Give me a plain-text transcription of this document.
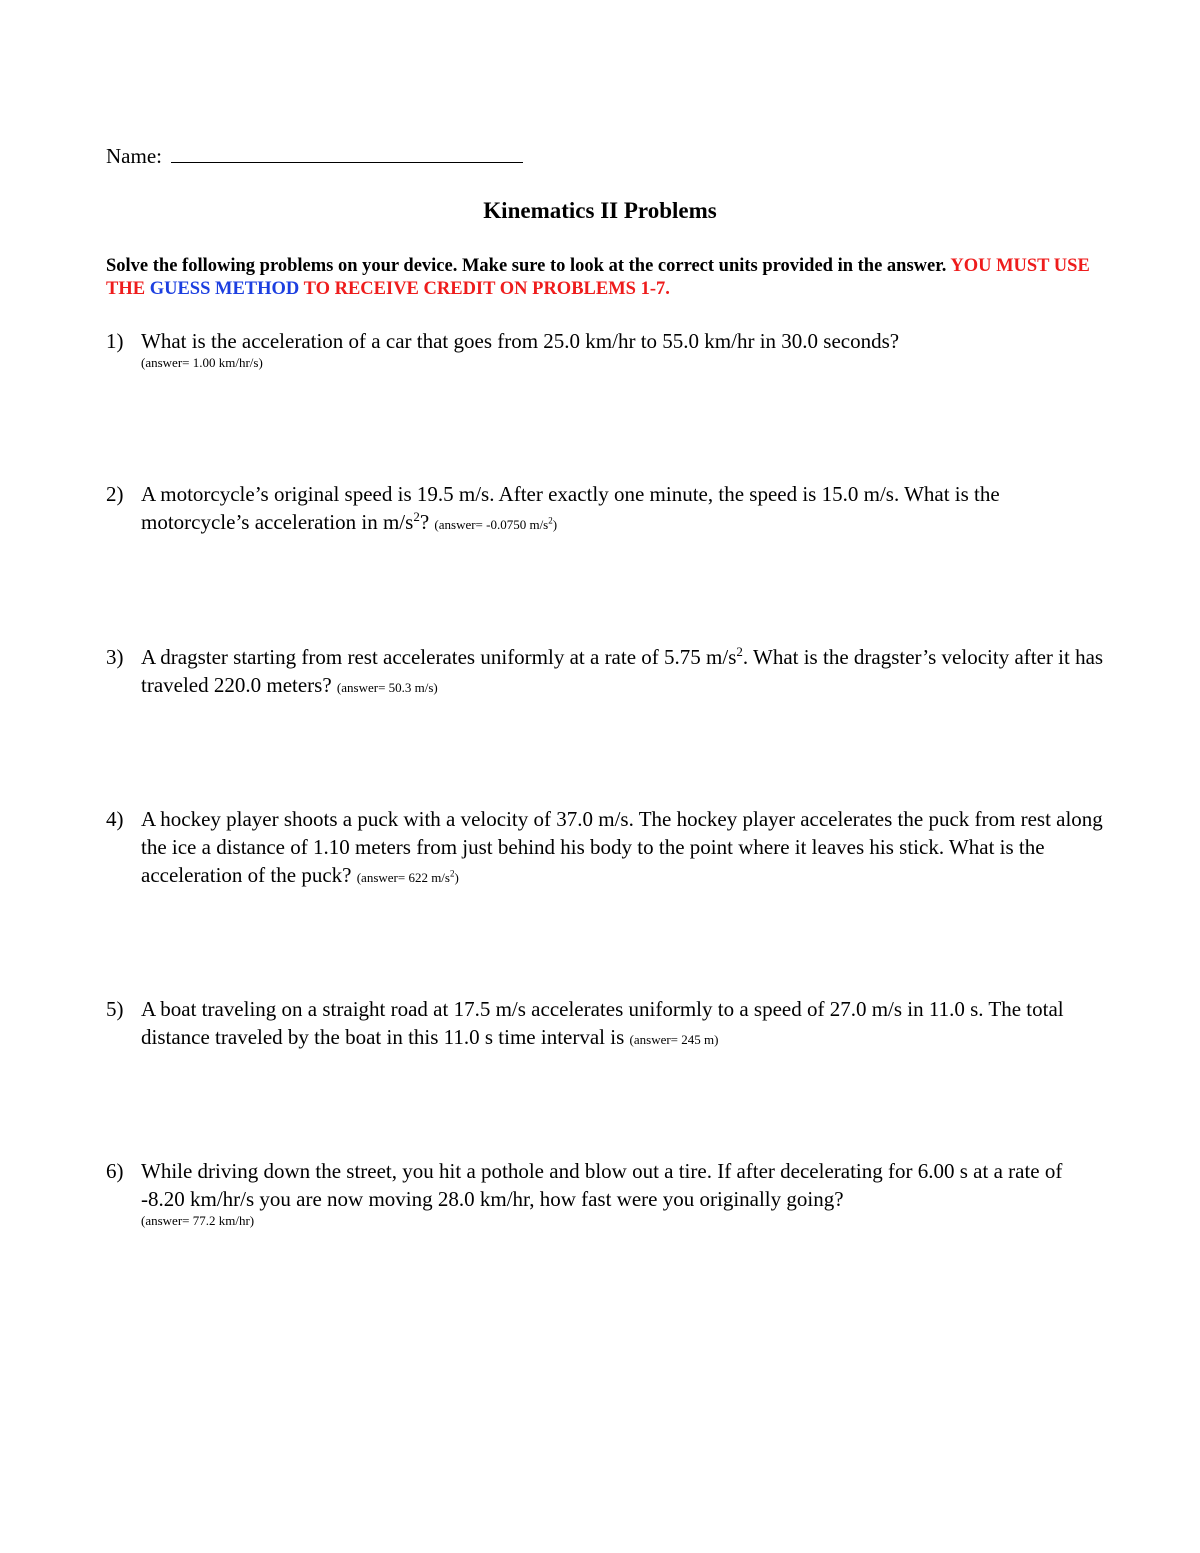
Name:
Kinematics II Problems
Solve the following problems on your device. Make sure to look at the correct units provided in the answer. YOU MUST USE THE GUESS METHOD TO RECEIVE CREDIT ON PROBLEMS 1-7.
1) What is the acceleration of a car that goes from 25.0 km/hr to 55.0 km/hr in 30.0 seconds?
(answer= 1.00 km/hr/s)
2) A motorcycle’s original speed is 19.5 m/s. After exactly one minute, the speed is 15.0 m/s. What is the motorcycle’s acceleration in $m/s^2$? (answer= -0.0750 $m/s^2$)
3) A dragster starting from rest accelerates uniformly at a rate of 5.75 $m/s^2$. What is the dragster’s velocity after it has traveled 220.0 meters? (answer= 50.3 m/s)
4) A hockey player shoots a puck with a velocity of 37.0 m/s. The hockey player accelerates the puck from rest along the ice a distance of 1.10 meters from just behind his body to the point where it leaves his stick. What is the acceleration of the puck? (answer= 622 $m/s^2$)
5) A boat traveling on a straight road at 17.5 m/s accelerates uniformly to a speed of 27.0 m/s in 11.0 s. The total distance traveled by the boat in this 11.0 s time interval is (answer= 245 m)
6) While driving down the street, you hit a pothole and blow out a tire. If after decelerating for 6.00 s at a rate of -8.20 km/hr/s you are now moving 28.0 km/hr, how fast were you originally going?
(answer= 77.2 km/hr)
